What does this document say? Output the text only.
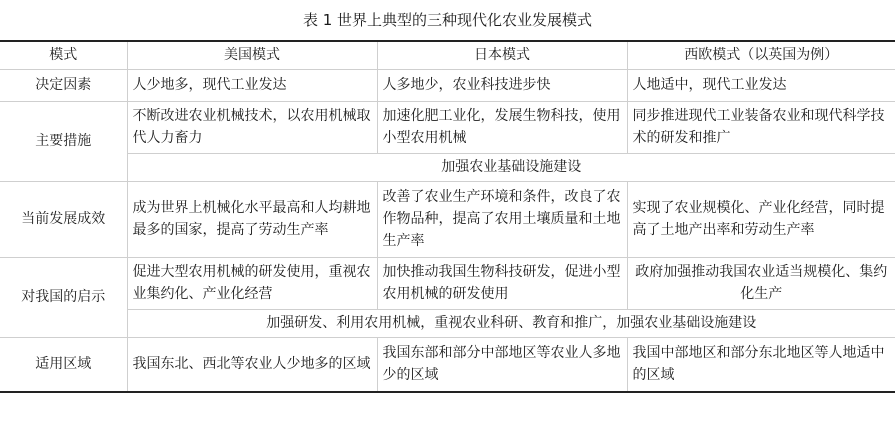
表 1 世界上典型的三种现代化农业发展模式
模式	美国模式	日本模式	西欧模式（以英国为例）
决定因素	人少地多，现代工业发达	人多地少，农业科技进步快	人地适中，现代工业发达
主要措施	不断改进农业机械技术，以农用机械取代人力畜力	加速化肥工业化，发展生物科技，使用小型农用机械	同步推进现代工业装备农业和现代科学技术的研发和推广
	加强农业基础设施建设		
当前发展成效	成为世界上机械化水平最高和人均耕地最多的国家，提高了劳动生产率	改善了农业生产环境和条件，改良了农作物品种，提高了农用土壤质量和土地生产率	实现了农业规模化、产业化经营，同时提高了土地产出率和劳动生产率
对我国的启示	促进大型农用机械的研发使用，重视农业集约化、产业化经营	加快推动我国生物科技研发，促进小型农用机械的研发使用	政府加强推动我国农业适当规模化、集约化生产
	加强研发、利用农用机械，重视农业科研、教育和推广，加强农业基础设施建设		
适用区域	我国东北、西北等农业人少地多的区域	我国东部和部分中部地区等农业人多地少的区域	我国中部地区和部分东北地区等人地适中的区域
